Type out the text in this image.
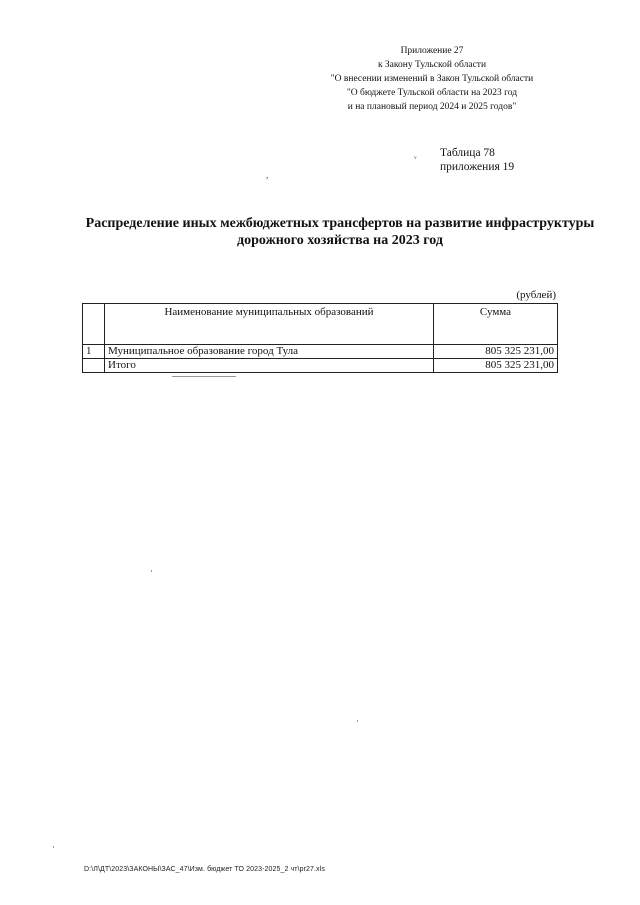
Приложение 27
к Закону Тульской области
"О внесении изменений в Закон Тульской области
"О бюджете Тульской области на 2023 год
и на плановый период 2024 и 2025 годов"
ᵥ
,
Таблица 78
приложения 19
Распределение иных межбюджетных трансфертов на развитие инфраструктуры
дорожного хозяйства на 2023 год
(рублей)
	Наименование муниципальных образований	Сумма
1	Муниципальное образование город Тула	805 325 231,00
	Итого	805 325 231,00
·
·
·
D:\Л\ДТ\2023\ЗАКОНЫ\ЗАС_47\Изм. бюджет ТО 2023-2025_2 чт\pr27.xls
